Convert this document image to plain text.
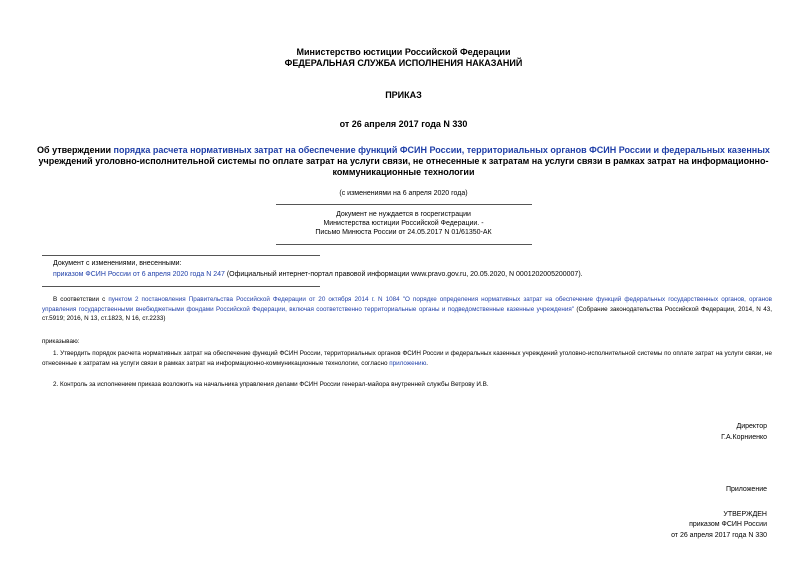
Министерство юстиции Российской Федерации
ФЕДЕРАЛЬНАЯ СЛУЖБА ИСПОЛНЕНИЯ НАКАЗАНИЙ
ПРИКАЗ
от 26 апреля 2017 года N 330
Об утверждении порядка расчета нормативных затрат на обеспечение функций ФСИН России, территориальных органов ФСИН России и федеральных казенных
учреждений уголовно-исполнительной системы по оплате затрат на услуги связи, не отнесенные к затратам на услуги связи в рамках затрат на информационно-
коммуникационные технологии
(с изменениями на 6 апреля 2020 года)
Документ не нуждается в госрегистрации
Министерства юстиции Российской Федерации. -
Письмо Минюста России от 24.05.2017 N 01/61350-АК
Документ с изменениями, внесенными:
приказом ФСИН России от 6 апреля 2020 года N 247 (Официальный интернет-портал правовой информации www.pravo.gov.ru, 20.05.2020, N 0001202005200007).
В соответствии с пунктом 2 постановления Правительства Российской Федерации от 20 октября 2014 г. N 1084 "О порядке определения нормативных затрат на обеспечение функций федеральных государственных органов, органов управления государственными внебюджетными фондами Российской Федерации, включая соответственно территориальные органы и подведомственные казенные учреждения" (Собрание законодательства Российской Федерации, 2014, N 43, ст.5919; 2016, N 13, ст.1823, N 16, ст.2233)
приказываю:
1. Утвердить порядок расчета нормативных затрат на обеспечение функций ФСИН России, территориальных органов ФСИН России и федеральных казенных учреждений уголовно-исполнительной системы по оплате затрат на услуги связи, не отнесенные к затратам на услуги связи в рамках затрат на информационно-коммуникационные технологии, согласно приложению.
2. Контроль за исполнением приказа возложить на начальника управления делами ФСИН России генерал-майора внутренней службы Ветрову И.В.
Директор
Г.А.Корниенко
Приложение
УТВЕРЖДЕН
приказом ФСИН России
от 26 апреля 2017 года N 330
